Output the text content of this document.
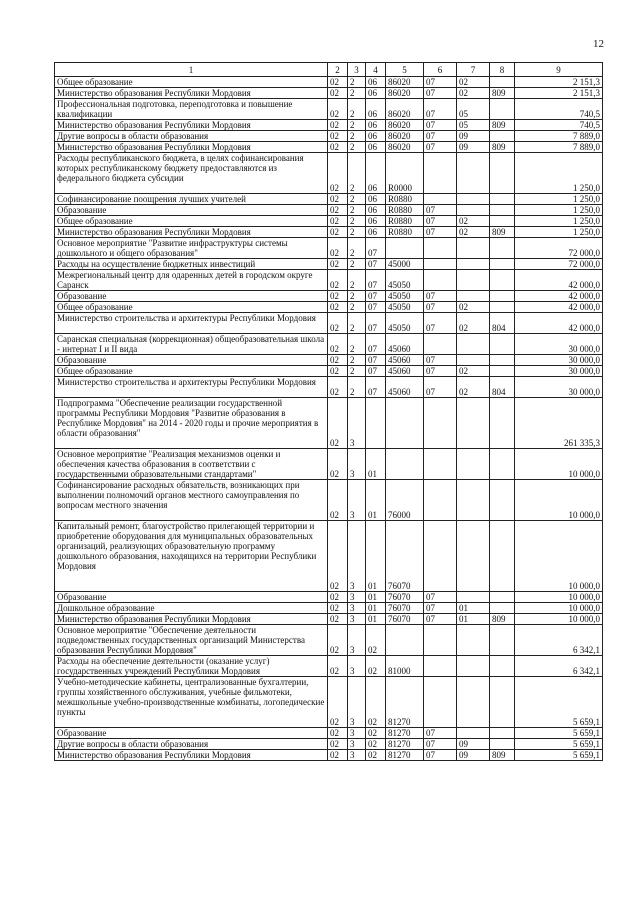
12
1	2	3	4	5	6	7	8	9
Общее образование	02	2	06	86020	07	02		2 151,3
Министерство образования Республики Мордовия	02	2	06	86020	07	02	809	2 151,3
Профессиональная подготовка, переподготовка и повышение квалификации	02	2	06	86020	07	05		740,5
Министерство образования Республики Мордовия	02	2	06	86020	07	05	809	740,5
Другие вопросы в области образования	02	2	06	86020	07	09		7 889,0
Министерство образования Республики Мордовия	02	2	06	86020	07	09	809	7 889,0
Расходы республиканского бюджета, в целях софинансирования которых республиканскому бюджету предоставляются из федерального бюджета субсидии	02	2	06	R0000				1 250,0
Софинансирование поощрения лучших учителей	02	2	06	R0880				1 250,0
Образование	02	2	06	R0880	07			1 250,0
Общее образование	02	2	06	R0880	07	02		1 250,0
Министерство образования Республики Мордовия	02	2	06	R0880	07	02	809	1 250,0
Основное мероприятие "Развитие инфраструктуры системы дошкольного и общего образования"	02	2	07					72 000,0
Расходы на осуществление бюджетных инвестиций	02	2	07	45000				72 000,0
Межрегиональный центр для одаренных детей в городском округе Саранск	02	2	07	45050				42 000,0
Образование	02	2	07	45050	07			42 000,0
Общее образование	02	2	07	45050	07	02		42 000,0
Министерство строительства и архитектуры Республики Мордовия	02	2	07	45050	07	02	804	42 000,0
Саранская специальная (коррекционная) общеобразовательная школа - интернат I и II вида	02	2	07	45060				30 000,0
Образование	02	2	07	45060	07			30 000,0
Общее образование	02	2	07	45060	07	02		30 000,0
Министерство строительства и архитектуры Республики Мордовия	02	2	07	45060	07	02	804	30 000,0
Подпрограмма "Обеспечение реализации государственной программы Республики Мордовия "Развитие образования в Республике Мордовия" на 2014 - 2020 годы и прочие мероприятия в области образования"	02	3						261 335,3
Основное мероприятие "Реализация механизмов оценки и обеспечения качества образования в соответствии с государственными образовательными стандартами"	02	3	01					10 000,0
Софинансирование расходных обязательств, возникающих при выполнении полномочий органов местного самоуправления по вопросам местного значения	02	3	01	76000				10 000,0
Капитальный ремонт, благоустройство прилегающей территории и приобретение оборудования для муниципальных образовательных организаций, реализующих образовательную программу дошкольного образования, находящихся на территории Республики Мордовия	02	3	01	76070				10 000,0
Образование	02	3	01	76070	07			10 000,0
Дошкольное образование	02	3	01	76070	07	01		10 000,0
Министерство образования Республики Мордовия	02	3	01	76070	07	01	809	10 000,0
Основное мероприятие "Обеспечение деятельности подведомственных государственных организаций Министерства образования Республики Мордовия"	02	3	02					6 342,1
Расходы на обеспечение деятельности (оказание услуг) государственных учреждений Республики Мордовия	02	3	02	81000				6 342,1
Учебно-методические кабинеты, централизованные бухгалтерии, группы хозяйственного обслуживания, учебные фильмотеки, межшкольные учебно-производственные комбинаты, логопедические пункты	02	3	02	81270				5 659,1
Образование	02	3	02	81270	07			5 659,1
Другие вопросы в области образования	02	3	02	81270	07	09		5 659,1
Министерство образования Республики Мордовия	02	3	02	81270	07	09	809	5 659,1
